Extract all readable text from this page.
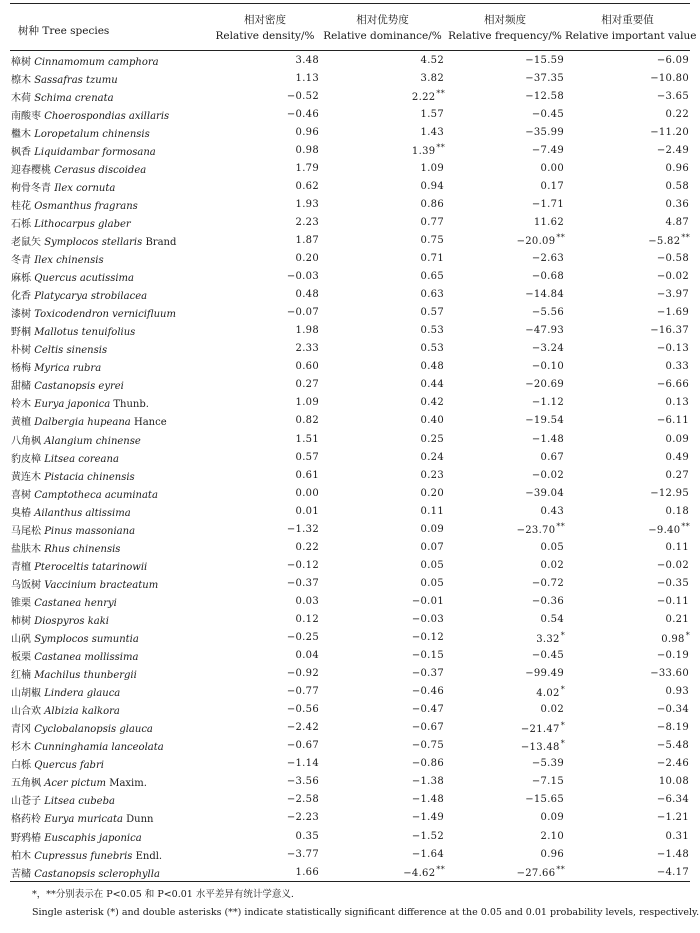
树种 Tree species	相对密度	相对优势度	相对频度	相对重要值
	Relative density/%	Relative dominance/%	Relative frequency/%	Relative important value
樟树 Cinnamomum camphora	3.48	4.52	−15.59	−6.09
檫木 Sassafras tzumu	1.13	3.82	−37.35	−10.80
木荷 Schima crenata	−0.52	2.22**	−12.58	−3.65
南酸枣 Choerospondias axillaris	−0.46	1.57	−0.45	0.22
檵木 Loropetalum chinensis	0.96	1.43	−35.99	−11.20
枫香 Liquidambar formosana	0.98	1.39**	−7.49	−2.49
迎春樱桃 Cerasus discoidea	1.79	1.09	0.00	0.96
枸骨冬青 Ilex cornuta	0.62	0.94	0.17	0.58
桂花 Osmanthus fragrans	1.93	0.86	−1.71	0.36
石栎 Lithocarpus glaber	2.23	0.77	11.62	4.87
老鼠矢 Symplocos stellaris Brand	1.87	0.75	−20.09**	−5.82**
冬青 Ilex chinensis	0.20	0.71	−2.63	−0.58
麻栎 Quercus acutissima	−0.03	0.65	−0.68	−0.02
化香 Platycarya strobilacea	0.48	0.63	−14.84	−3.97
漆树 Toxicodendron vernicifluum	−0.07	0.57	−5.56	−1.69
野桐 Mallotus tenuifolius	1.98	0.53	−47.93	−16.37
朴树 Celtis sinensis	2.33	0.53	−3.24	−0.13
杨梅 Myrica rubra	0.60	0.48	−0.10	0.33
甜槠 Castanopsis eyrei	0.27	0.44	−20.69	−6.66
柃木 Eurya japonica Thunb.	1.09	0.42	−1.12	0.13
黄檀 Dalbergia hupeana Hance	0.82	0.40	−19.54	−6.11
八角枫 Alangium chinense	1.51	0.25	−1.48	0.09
豹皮樟 Litsea coreana	0.57	0.24	0.67	0.49
黄连木 Pistacia chinensis	0.61	0.23	−0.02	0.27
喜树 Camptotheca acuminata	0.00	0.20	−39.04	−12.95
臭椿 Ailanthus altissima	0.01	0.11	0.43	0.18
马尾松 Pinus massoniana	−1.32	0.09	−23.70**	−9.40**
盐肤木 Rhus chinensis	0.22	0.07	0.05	0.11
青檀 Pteroceltis tatarinowii	−0.12	0.05	0.02	−0.02
乌饭树 Vaccinium bracteatum	−0.37	0.05	−0.72	−0.35
锥栗 Castanea henryi	0.03	−0.01	−0.36	−0.11
柿树 Diospyros kaki	0.12	−0.03	0.54	0.21
山矾 Symplocos sumuntia	−0.25	−0.12	3.32*	0.98*
板栗 Castanea mollissima	0.04	−0.15	−0.45	−0.19
红楠 Machilus thunbergii	−0.92	−0.37	−99.49	−33.60
山胡椒 Lindera glauca	−0.77	−0.46	4.02*	0.93
山合欢 Albizia kalkora	−0.56	−0.47	0.02	−0.34
青冈 Cyclobalanopsis glauca	−2.42	−0.67	−21.47*	−8.19
杉木 Cunninghamia lanceolata	−0.67	−0.75	−13.48*	−5.48
白栎 Quercus fabri	−1.14	−0.86	−5.39	−2.46
五角枫 Acer pictum Maxim.	−3.56	−1.38	−7.15	10.08
山苍子 Litsea cubeba	−2.58	−1.48	−15.65	−6.34
格药柃 Eurya muricata Dunn	−2.23	−1.49	0.09	−1.21
野鸦椿 Euscaphis japonica	0.35	−1.52	2.10	0.31
柏木 Cupressus funebris Endl.	−3.77	−1.64	0.96	−1.48
苦槠 Castanopsis sclerophylla	1.66	−4.62**	−27.66**	−4.17
*，**分别表示在 P<0.05 和 P<0.01 水平差异有统计学意义.
Single asterisk (*) and double asterisks (**) indicate statistically significant difference at the 0.05 and 0.01 probability levels, respectively.
